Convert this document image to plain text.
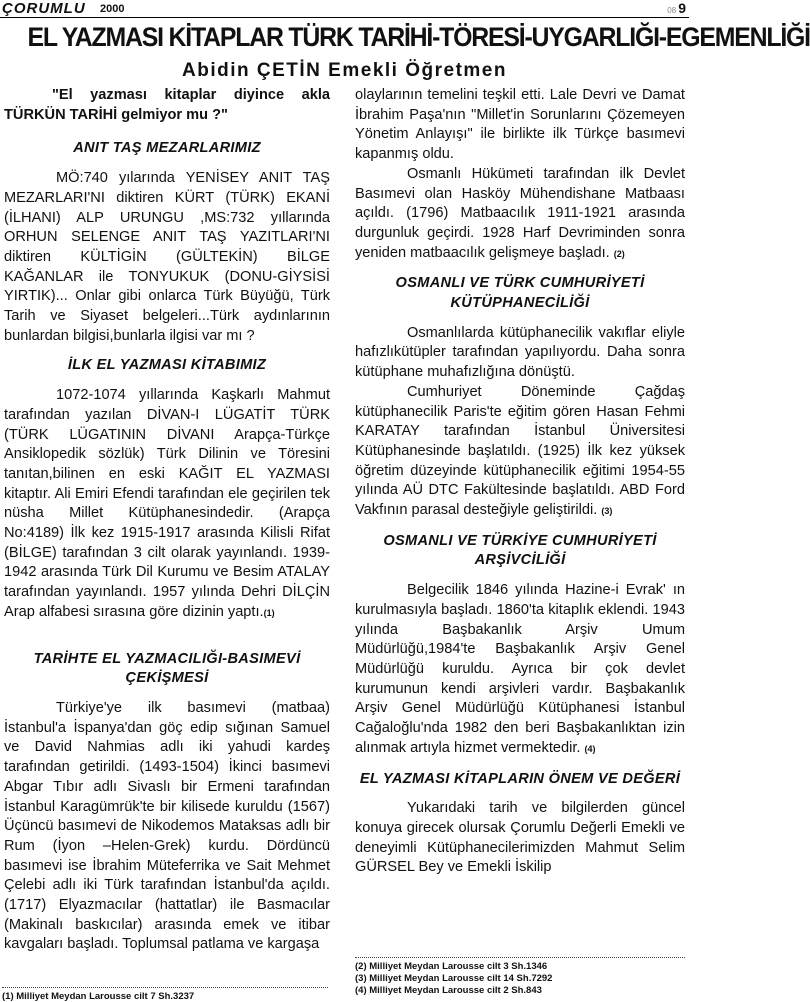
ÇORUMLU 2000	08 9
EL YAZMASI KİTAPLAR TÜRK TARİHİ-TÖRESİ-UYGARLIĞI-EGEMENLİĞİ
Abidin ÇETİN Emekli Öğretmen

"El yazması kitaplar diyince akla TÜRKÜN TARİHİ gelmiyor mu ?"

ANIT TAŞ MEZARLARIMIZ

MÖ:740 yılarında YENİSEY ANIT TAŞ MEZARLARI'NI diktiren KÜRT (TÜRK) EKANİ (İLHANI) ALP URUNGU ,MS:732 yıllarında ORHUN SELENGE ANIT TAŞ YAZITLARI'NI diktiren KÜLTİGİN (GÜLTEKİN) BİLGE KAĞANLAR ile TONYUKUK (DONU-GİYSİSİ YIRTIK)... Onlar gibi onlarca Türk Büyüğü, Türk Tarih ve Siyaset belgeleri...Türk aydınlarının bunlardan bilgisi,bunlarla ilgisi var mı ?

İLK EL YAZMASI KİTABIMIZ

1072-1074 yıllarında Kaşkarlı Mahmut tarafından yazılan DİVAN-I LÜGATİT TÜRK (TÜRK LÜGATININ DİVANI Arapça-Türkçe Ansiklopedik sözlük) Türk Dilinin ve Töresini tanıtan,bilinen en eski KAĞIT EL YAZMASI kitaptır. Ali Emiri Efendi tarafından ele geçirilen tek nüsha Millet Kütüphanesindedir. (Arapça No:4189) İlk kez 1915-1917 arasında Kilisli Rifat (BİLGE) tarafından 3 cilt olarak yayınlandı. 1939-1942 arasında Türk Dil Kurumu ve Besim ATALAY tarafından yayınlandı. 1957 yılında Dehri DİLÇİN Arap alfabesi sırasına göre dizinin yaptı.(1)

TARİHTE EL YAZMACILIĞI-BASIMEVİ ÇEKİŞMESİ

Türkiye'ye ilk basımevi (matbaa) İstanbul'a İspanya'dan göç edip sığınan Samuel ve David Nahmias adlı iki yahudi kardeş tarafından getirildi. (1493-1504) İkinci basımevi Abgar Tıbır adlı Sivaslı bir Ermeni tarafından İstanbul Karagümrük'te bir kilisede kuruldu (1567) Üçüncü basımevi de Nikodemos Mataksas adlı bir Rum (İyon –Helen-Grek) kurdu. Dördüncü basımevi ise İbrahim Müteferrika ve Sait Mehmet Çelebi adlı iki Türk tarafından İstanbul'da açıldı. (1717) Elyazmacılar (hattatlar) ile Basmacılar (Makinalı baskıcılar) arasında emek ve itibar kavgaları başladı. Toplumsal patlama ve kargaşa

olaylarının temelini teşkil etti. Lale Devri ve Damat İbrahim Paşa'nın "Millet'in Sorunlarını Çözemeyen Yönetim Anlayışı" ile birlikte ilk Türkçe basımevi kapanmış oldu.

Osmanlı Hükümeti tarafından ilk Devlet Basımevi olan Hasköy Mühendishane Matbaası açıldı. (1796) Matbaacılık 1911-1921 arasında durgunluk geçirdi. 1928 Harf Devriminden sonra yeniden matbaacılık gelişmeye başladı. (2)

OSMANLI VE TÜRK CUMHURİYETİ KÜTÜPHANECİLİĞİ

Osmanlılarda kütüphanecilik vakıflar eliyle hafızlıkütüpler tarafından yapılıyordu. Daha sonra kütüphane muhafızlığına dönüştü.

Cumhuriyet Döneminde Çağdaş kütüphanecilik Paris'te eğitim gören Hasan Fehmi KARATAY tarafından İstanbul Üniversitesi Kütüphanesinde başlatıldı. (1925) İlk kez yüksek öğretim düzeyinde kütüphanecilik eğitimi 1954-55 yılında AÜ DTC Fakültesinde başlatıldı. ABD Ford Vakfının parasal desteğiyle geliştirildi. (3)

OSMANLI VE TÜRKİYE CUMHURİYETİ ARŞİVCİLİĞİ

Belgecilik 1846 yılında Hazine-i Evrak' ın kurulmasıyla başladı. 1860'ta kitaplık eklendi. 1943 yılında Başbakanlık Arşiv Umum Müdürlüğü,1984'te Başbakanlık Arşiv Genel Müdürlüğü kuruldu. Ayrıca bir çok devlet kurumunun kendi arşivleri vardır. Başbakanlık Arşiv Genel Müdürlüğü Kütüphanesi İstanbul Cağaloğlu'nda 1982 den beri Başbakanlıktan izin alınmak artıyla hizmet vermektedir. (4)

EL YAZMASI KİTAPLARIN ÖNEM VE DEĞERİ

Yukarıdaki tarih ve bilgilerden güncel konuya girecek olursak Çorumlu Değerli Emekli ve deneyimli Kütüphanecilerimizden Mahmut Selim GÜRSEL Bey ve Emekli İskilip

(1) Milliyet Meydan Larousse cilt 7 Sh.3237
(2) Milliyet Meydan Larousse cilt 3 Sh.1346
(3) Milliyet Meydan Larousse cilt 14 Sh.7292
(4) Milliyet Meydan Larousse cilt 2 Sh.843
